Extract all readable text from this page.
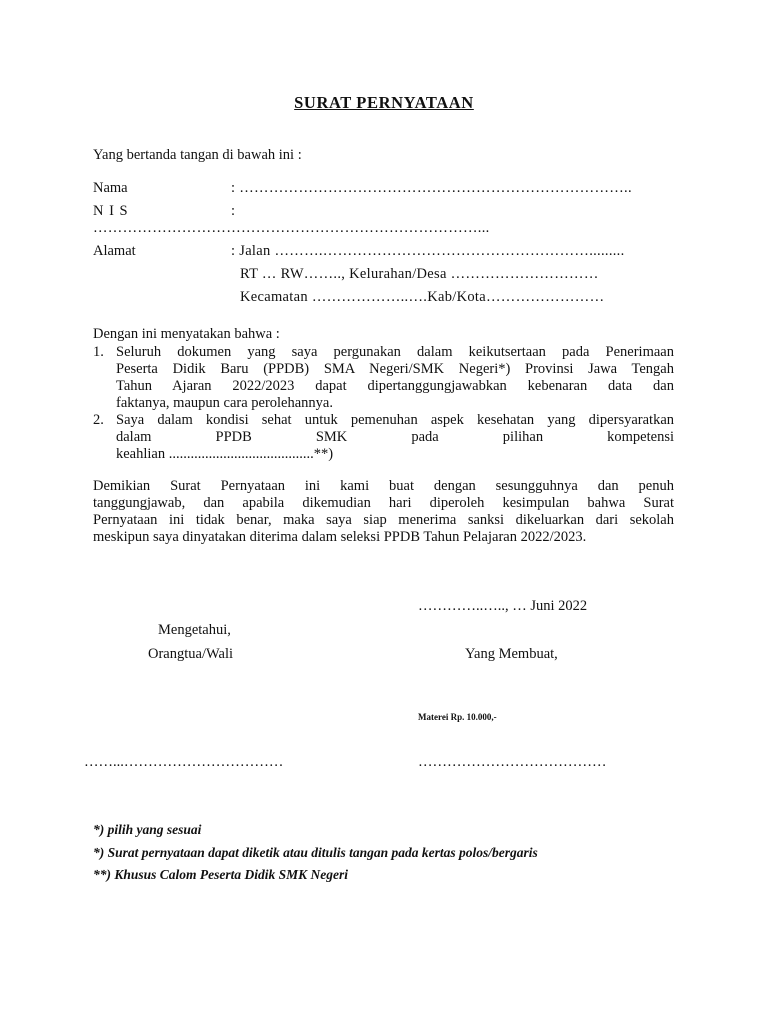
SURAT PERNYATAAN
Yang bertanda tangan di bawah ini :
Nama	: ……………………………………………………………………..
N I S	:
……………………………………………………………………...
Alamat	: Jalan ……….……………………………………………….........
RT … RW…….., Kelurahan/Desa …………………………
Kecamatan ………………..….Kab/Kota……………………
Dengan ini menyatakan bahwa :
1. Seluruh dokumen yang saya pergunakan dalam keikutsertaan pada Penerimaan
Peserta Didik Baru (PPDB) SMA Negeri/SMK Negeri*) Provinsi Jawa Tengah
Tahun Ajaran 2022/2023 dapat dipertanggungjawabkan kebenaran data dan
faktanya, maupun cara perolehannya.
2. Saya dalam kondisi sehat untuk pemenuhan aspek kesehatan yang dipersyaratkan
dalam PPDB SMK pada pilihan kompetensi
keahlian ........................................**)
Demikian Surat Pernyataan ini kami buat dengan sesungguhnya dan penuh
tanggungjawab, dan apabila dikemudian hari diperoleh kesimpulan bahwa Surat
Pernyataan ini tidak benar, maka saya siap menerima sanksi dikeluarkan dari sekolah
meskipun saya dinyatakan diterima dalam seleksi PPDB Tahun Pelajaran 2022/2023.
…………..….., … Juni 2022
Mengetahui,
Orangtua/Wali	Yang Membuat,
Materei Rp. 10.000,-
……...……………………………	…………………………………
*) pilih yang sesuai
*) Surat pernyataan dapat diketik atau ditulis tangan pada kertas polos/bergaris
**) Khusus Calom Peserta Didik SMK Negeri
